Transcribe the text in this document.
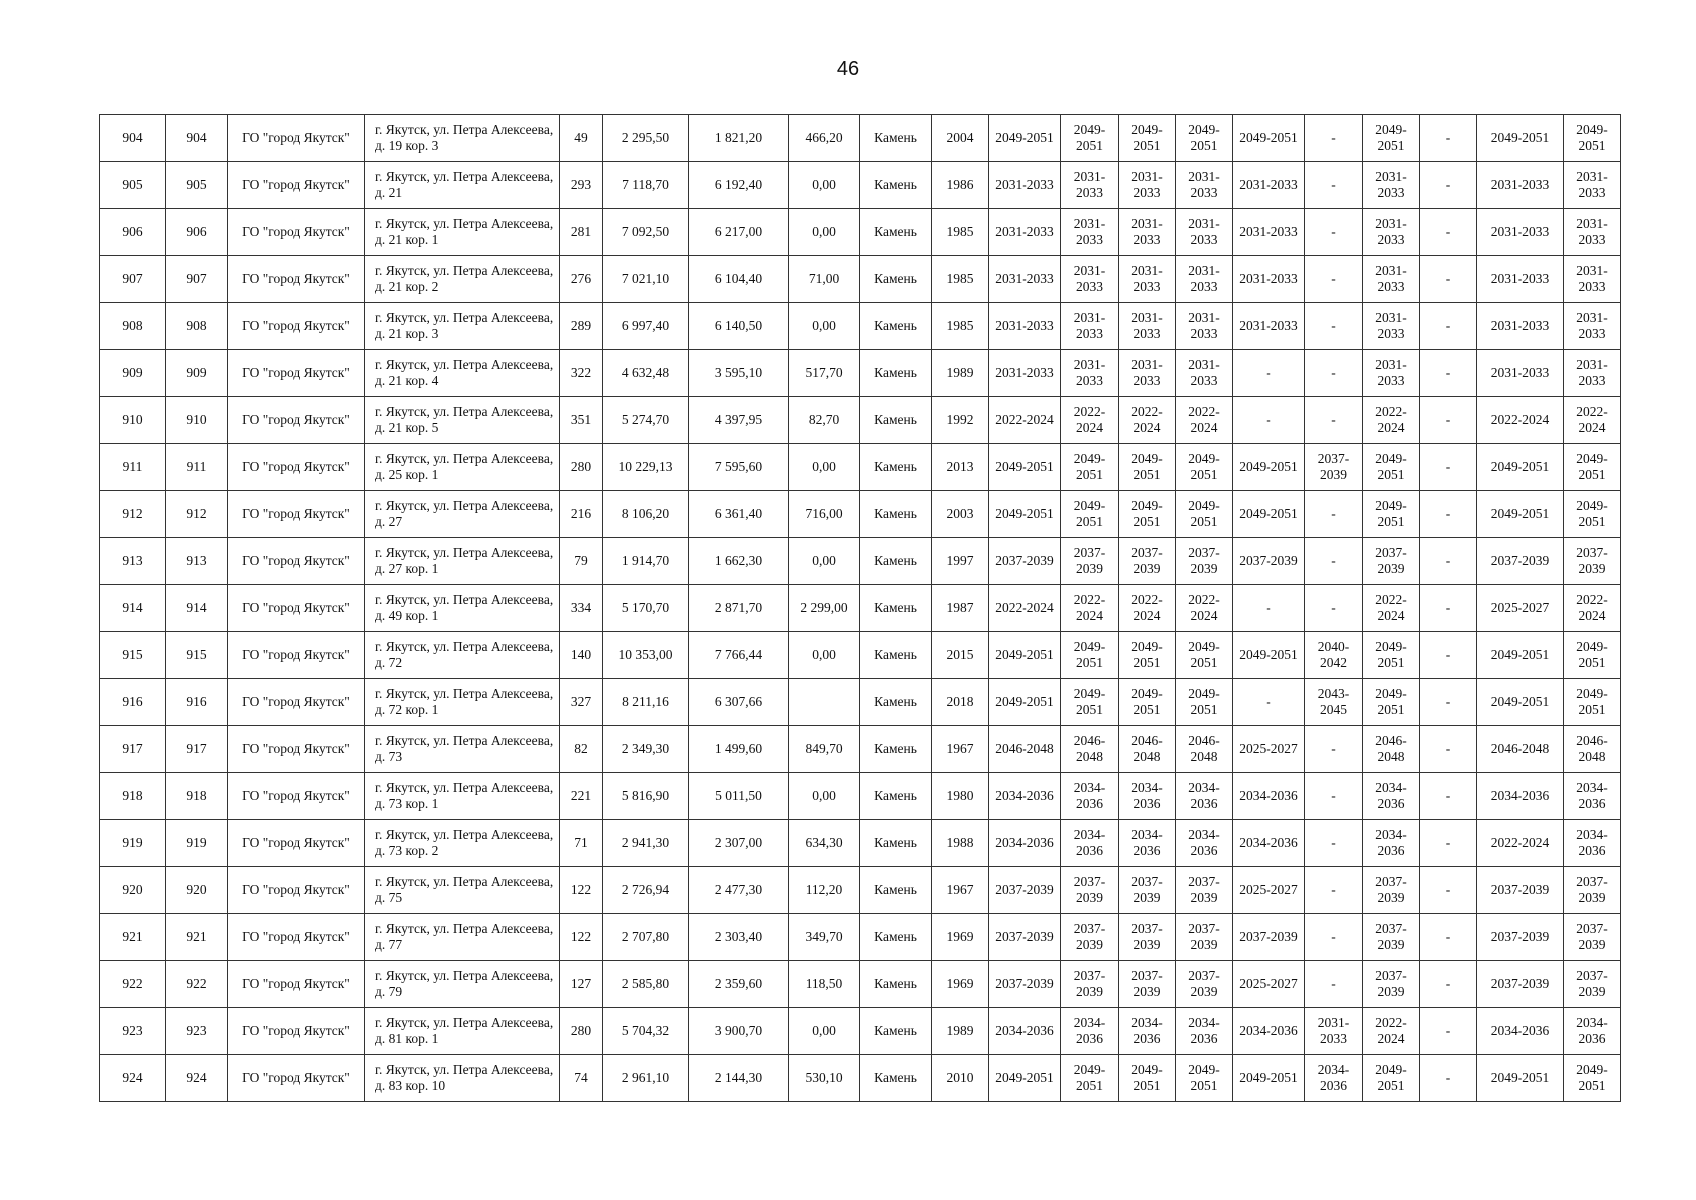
46
904	904	ГО "город Якутск"	г. Якутск, ул. Петра Алексеева, д. 19 кор. 3	49	2 295,50	1 821,20	466,20	Камень	2004	2049-2051	2049-2051	2049-2051	2049-2051	2049-2051	-	2049-2051	-	2049-2051	2049-2051
905	905	ГО "город Якутск"	г. Якутск, ул. Петра Алексеева, д. 21	293	7 118,70	6 192,40	0,00	Камень	1986	2031-2033	2031-2033	2031-2033	2031-2033	2031-2033	-	2031-2033	-	2031-2033	2031-2033
906	906	ГО "город Якутск"	г. Якутск, ул. Петра Алексеева, д. 21 кор. 1	281	7 092,50	6 217,00	0,00	Камень	1985	2031-2033	2031-2033	2031-2033	2031-2033	2031-2033	-	2031-2033	-	2031-2033	2031-2033
907	907	ГО "город Якутск"	г. Якутск, ул. Петра Алексеева, д. 21 кор. 2	276	7 021,10	6 104,40	71,00	Камень	1985	2031-2033	2031-2033	2031-2033	2031-2033	2031-2033	-	2031-2033	-	2031-2033	2031-2033
908	908	ГО "город Якутск"	г. Якутск, ул. Петра Алексеева, д. 21 кор. 3	289	6 997,40	6 140,50	0,00	Камень	1985	2031-2033	2031-2033	2031-2033	2031-2033	2031-2033	-	2031-2033	-	2031-2033	2031-2033
909	909	ГО "город Якутск"	г. Якутск, ул. Петра Алексеева, д. 21 кор. 4	322	4 632,48	3 595,10	517,70	Камень	1989	2031-2033	2031-2033	2031-2033	2031-2033	-	-	2031-2033	-	2031-2033	2031-2033
910	910	ГО "город Якутск"	г. Якутск, ул. Петра Алексеева, д. 21 кор. 5	351	5 274,70	4 397,95	82,70	Камень	1992	2022-2024	2022-2024	2022-2024	2022-2024	-	-	2022-2024	-	2022-2024	2022-2024
911	911	ГО "город Якутск"	г. Якутск, ул. Петра Алексеева, д. 25 кор. 1	280	10 229,13	7 595,60	0,00	Камень	2013	2049-2051	2049-2051	2049-2051	2049-2051	2049-2051	2037-2039	2049-2051	-	2049-2051	2049-2051
912	912	ГО "город Якутск"	г. Якутск, ул. Петра Алексеева, д. 27	216	8 106,20	6 361,40	716,00	Камень	2003	2049-2051	2049-2051	2049-2051	2049-2051	2049-2051	-	2049-2051	-	2049-2051	2049-2051
913	913	ГО "город Якутск"	г. Якутск, ул. Петра Алексеева, д. 27 кор. 1	79	1 914,70	1 662,30	0,00	Камень	1997	2037-2039	2037-2039	2037-2039	2037-2039	2037-2039	-	2037-2039	-	2037-2039	2037-2039
914	914	ГО "город Якутск"	г. Якутск, ул. Петра Алексеева, д. 49 кор. 1	334	5 170,70	2 871,70	2 299,00	Камень	1987	2022-2024	2022-2024	2022-2024	2022-2024	-	-	2022-2024	-	2025-2027	2022-2024
915	915	ГО "город Якутск"	г. Якутск, ул. Петра Алексеева, д. 72	140	10 353,00	7 766,44	0,00	Камень	2015	2049-2051	2049-2051	2049-2051	2049-2051	2049-2051	2040-2042	2049-2051	-	2049-2051	2049-2051
916	916	ГО "город Якутск"	г. Якутск, ул. Петра Алексеева, д. 72 кор. 1	327	8 211,16	6 307,66		Камень	2018	2049-2051	2049-2051	2049-2051	2049-2051	-	2043-2045	2049-2051	-	2049-2051	2049-2051
917	917	ГО "город Якутск"	г. Якутск, ул. Петра Алексеева, д. 73	82	2 349,30	1 499,60	849,70	Камень	1967	2046-2048	2046-2048	2046-2048	2046-2048	2025-2027	-	2046-2048	-	2046-2048	2046-2048
918	918	ГО "город Якутск"	г. Якутск, ул. Петра Алексеева, д. 73 кор. 1	221	5 816,90	5 011,50	0,00	Камень	1980	2034-2036	2034-2036	2034-2036	2034-2036	2034-2036	-	2034-2036	-	2034-2036	2034-2036
919	919	ГО "город Якутск"	г. Якутск, ул. Петра Алексеева, д. 73 кор. 2	71	2 941,30	2 307,00	634,30	Камень	1988	2034-2036	2034-2036	2034-2036	2034-2036	2034-2036	-	2034-2036	-	2022-2024	2034-2036
920	920	ГО "город Якутск"	г. Якутск, ул. Петра Алексеева, д. 75	122	2 726,94	2 477,30	112,20	Камень	1967	2037-2039	2037-2039	2037-2039	2037-2039	2025-2027	-	2037-2039	-	2037-2039	2037-2039
921	921	ГО "город Якутск"	г. Якутск, ул. Петра Алексеева, д. 77	122	2 707,80	2 303,40	349,70	Камень	1969	2037-2039	2037-2039	2037-2039	2037-2039	2037-2039	-	2037-2039	-	2037-2039	2037-2039
922	922	ГО "город Якутск"	г. Якутск, ул. Петра Алексеева, д. 79	127	2 585,80	2 359,60	118,50	Камень	1969	2037-2039	2037-2039	2037-2039	2037-2039	2025-2027	-	2037-2039	-	2037-2039	2037-2039
923	923	ГО "город Якутск"	г. Якутск, ул. Петра Алексеева, д. 81 кор. 1	280	5 704,32	3 900,70	0,00	Камень	1989	2034-2036	2034-2036	2034-2036	2034-2036	2034-2036	2031-2033	2022-2024	-	2034-2036	2034-2036
924	924	ГО "город Якутск"	г. Якутск, ул. Петра Алексеева, д. 83 кор. 10	74	2 961,10	2 144,30	530,10	Камень	2010	2049-2051	2049-2051	2049-2051	2049-2051	2049-2051	2034-2036	2049-2051	-	2049-2051	2049-2051
